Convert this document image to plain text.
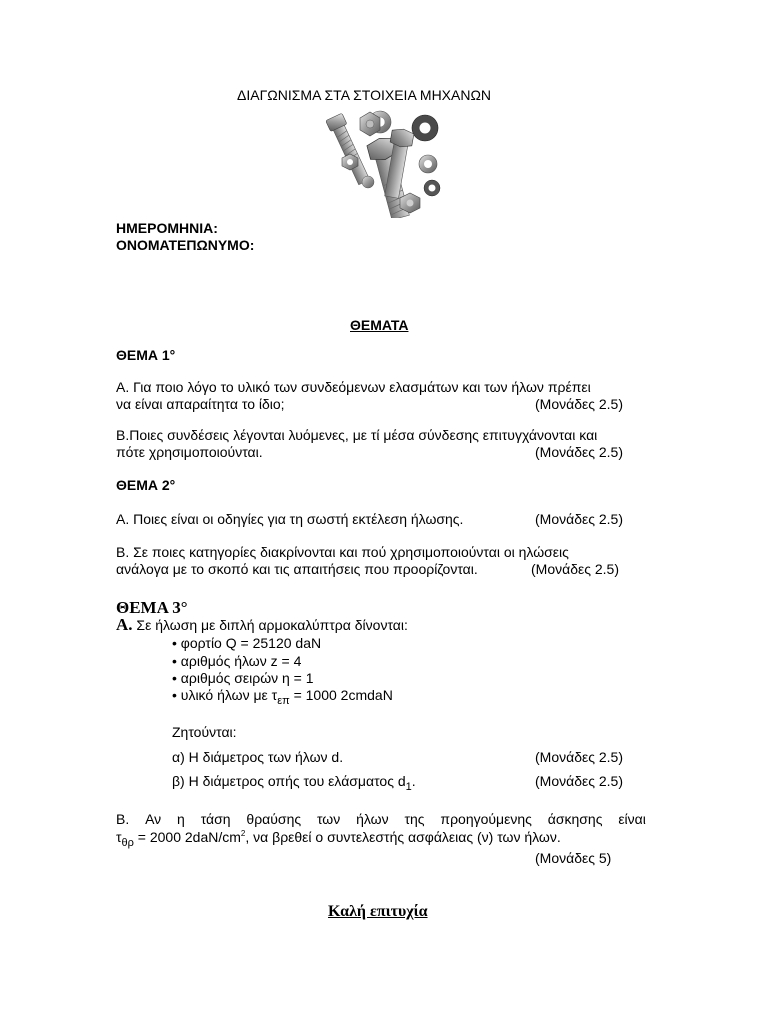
ΔΙΑΓΩΝΙΣΜΑ ΣΤΑ ΣΤΟΙΧΕΙΑ ΜΗΧΑΝΩΝ
ΗΜΕΡΟΜΗΝΙΑ:
ΟΝΟΜΑΤΕΠΩΝΥΜΟ:
ΘΕΜΑΤΑ
ΘΕΜΑ 1°
Α. Για ποιο λόγο το υλικό των συνδεόμενων ελασμάτων και των ήλων πρέπει
να είναι απαραίτητα το ίδιο;	(Μονάδες 2.5)
Β.Ποιες συνδέσεις λέγονται λυόμενες, με τί μέσα σύνδεσης επιτυγχάνονται και
πότε χρησιμοποιούνται.	(Μονάδες 2.5)
ΘΕΜΑ 2°
Α. Ποιες είναι οι οδηγίες για τη σωστή εκτέλεση ήλωσης.	(Μονάδες 2.5)
Β. Σε ποιες κατηγορίες διακρίνονται και πού χρησιμοποιούνται οι ηλώσεις
ανάλογα με το σκοπό και τις απαιτήσεις που προορίζονται.	(Μονάδες 2.5)
ΘΕΜΑ 3°
Α. Σε ήλωση με διπλή αρμοκαλύπτρα δίνονται:
• φορτίο Q = 25120 daN
• αριθμός ήλων z = 4
• αριθμός σειρών η = 1
• υλικό ήλων με $\tau_{\varepsilon\pi} = 1000$ 2cmdaN
Ζητούνται:
α) Η διάμετρος των ήλων d.	(Μονάδες 2.5)
β) Η διάμετρος οπής του ελάσματος $d_1$.	(Μονάδες 2.5)
Β. Αν η τάση θραύσης των ήλων της προηγούμενης άσκησης είναι
$\tau_{\theta\rho} = 2000$ $2daN/cm^2$, να βρεθεί ο συντελεστής ασφάλειας (ν) των ήλων.
(Μονάδες 5)
Καλή επιτυχία
